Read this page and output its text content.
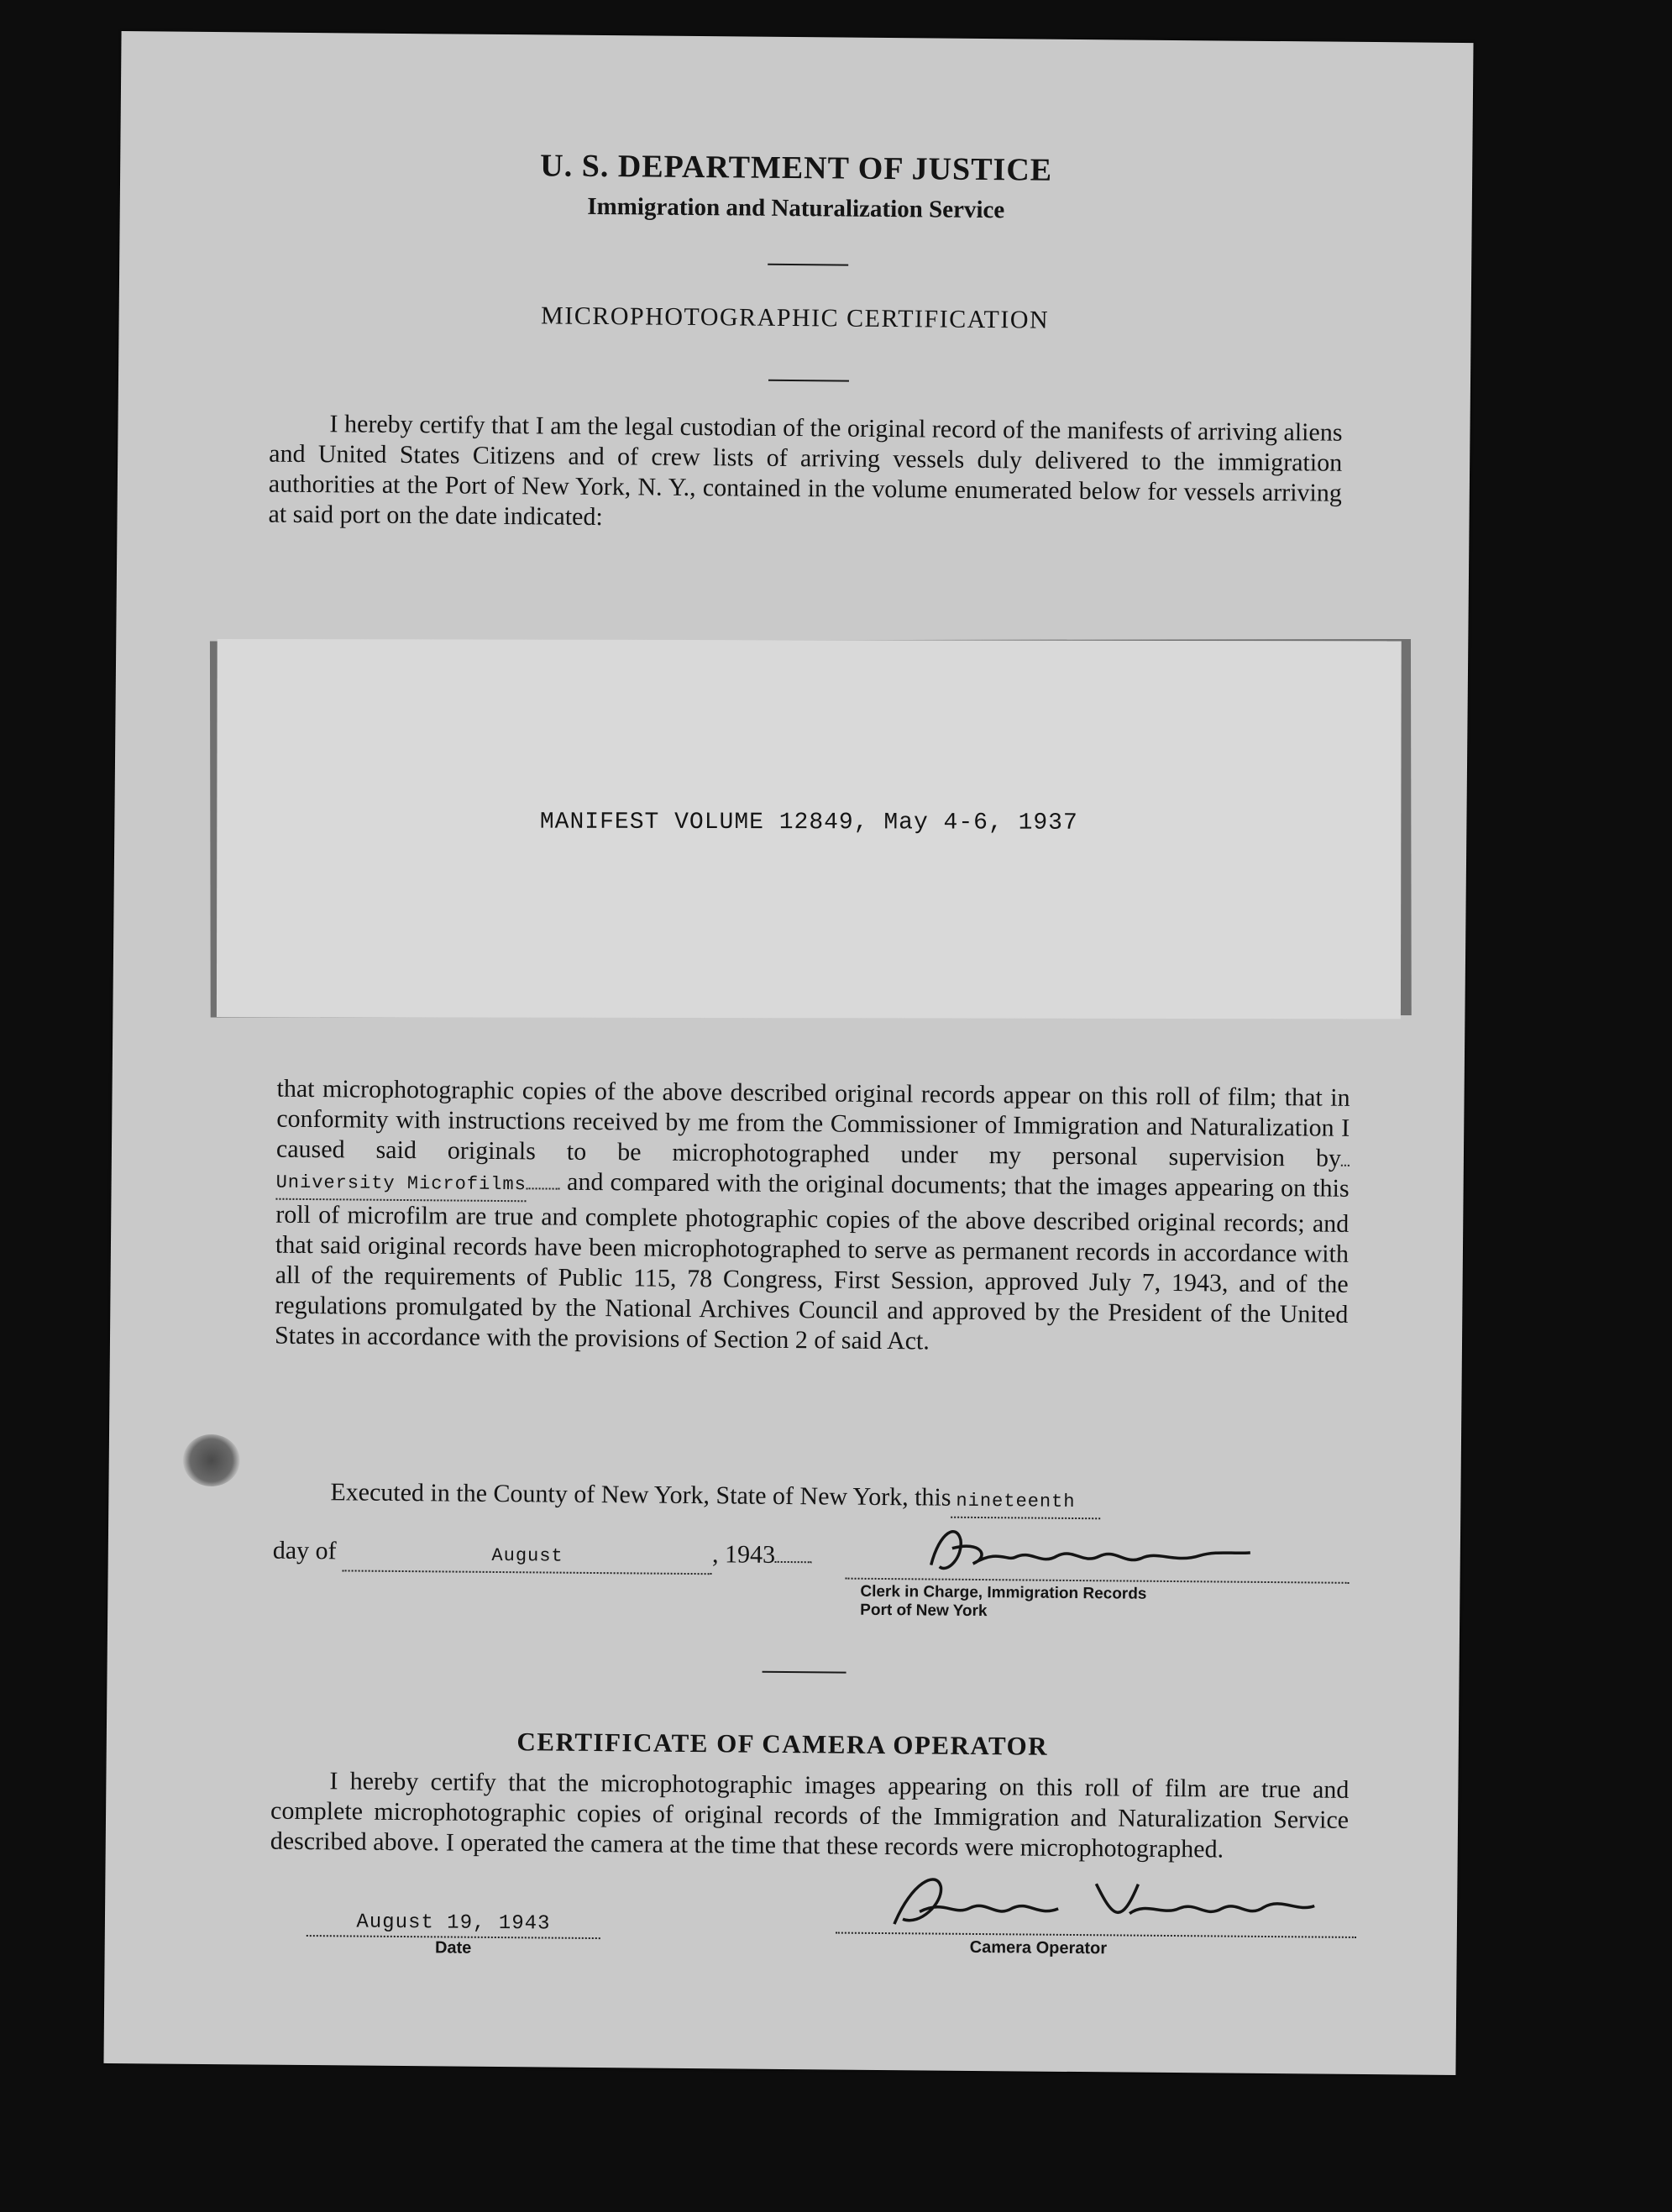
U. S. DEPARTMENT OF JUSTICE
Immigration and Naturalization Service
MICROPHOTOGRAPHIC CERTIFICATION

I hereby certify that I am the legal custodian of the original record of the manifests of arriving aliens and United States Citizens and of crew lists of arriving vessels duly delivered to the immigration authorities at the Port of New York, N. Y., contained in the volume enumerated below for vessels arriving at said port on the date indicated:

MANIFEST VOLUME 12849, May 4-6, 1937

that microphotographic copies of the above described original records appear on this roll of film; that in conformity with instructions received by me from the Commissioner of Immigration and Naturalization I caused said originals to be microphotographed under my personal supervision byUniversity Microfilms and compared with the original documents; that the images appearing on this roll of microfilm are true and complete photographic copies of the above described original records; and that said original records have been microphotographed to serve as permanent records in accordance with all of the requirements of Public 115, 78 Congress, First Session, approved July 7, 1943, and of the regulations promulgated by the National Archives Council and approved by the President of the United States in accordance with the provisions of Section 2 of said Act.

Executed in the County of New York, State of New York, this nineteenth
day of	August	, 1943
Clerk in Charge, Immigration Records
Port of New York
CERTIFICATE OF CAMERA OPERATOR

I hereby certify that the microphotographic images appearing on this roll of film are true and complete microphotographic copies of original records of the Immigration and Naturalization Service described above. I operated the camera at the time that these records were microphotographed.

August 19, 1943
Date	Camera Operator
